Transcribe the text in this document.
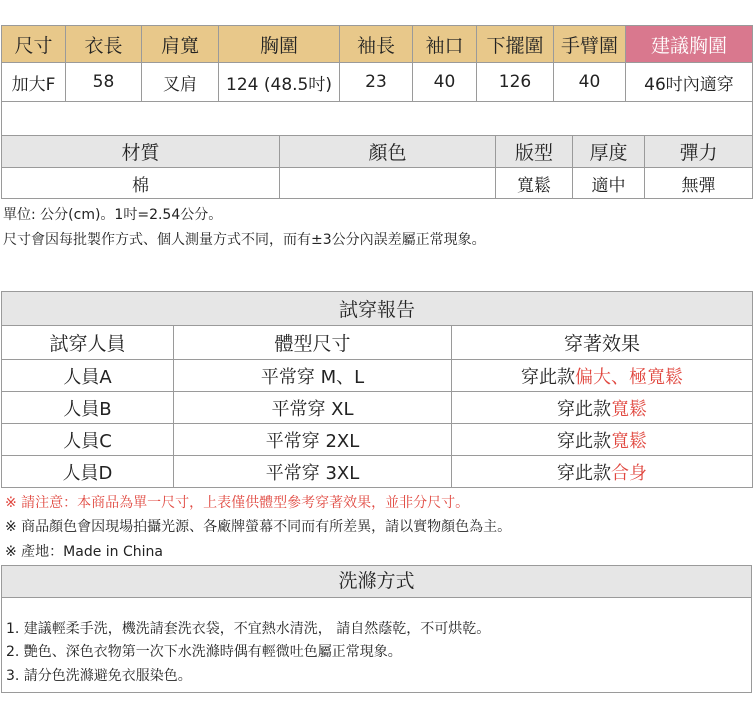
尺寸	衣長	肩寬	胸圍	袖長	袖口	下擺圍	手臂圍	建議胸圍
加大F	58	叉肩	124 (48.5吋)	23	40	126	40	46吋內適穿

材質	顏色	版型	厚度	彈力
棉		寬鬆	適中	無彈
單位: 公分(cm)。1吋=2.54公分。
尺寸會因每批製作方式、個人測量方式不同，而有±3公分內誤差屬正常現象。
試穿報告		
試穿人員	體型尺寸	穿著效果
人員A	平常穿 M、L	穿此款偏大、極寬鬆
人員B	平常穿 XL	穿此款寬鬆
人員C	平常穿 2XL	穿此款寬鬆
人員D	平常穿 3XL	穿此款合身
※ 請注意：本商品為單一尺寸，上表僅供體型參考穿著效果，並非分尺寸。
※ 商品顏色會因現場拍攝光源、各廠牌螢幕不同而有所差異，請以實物顏色為主。
※ 產地：Made in China
洗滌方式
1. 建議輕柔手洗，機洗請套洗衣袋，不宜熱水清洗， 請自然蔭乾，不可烘乾。
2. 艷色、深色衣物第一次下水洗滌時偶有輕微吐色屬正常現象。
3. 請分色洗滌避免衣服染色。
